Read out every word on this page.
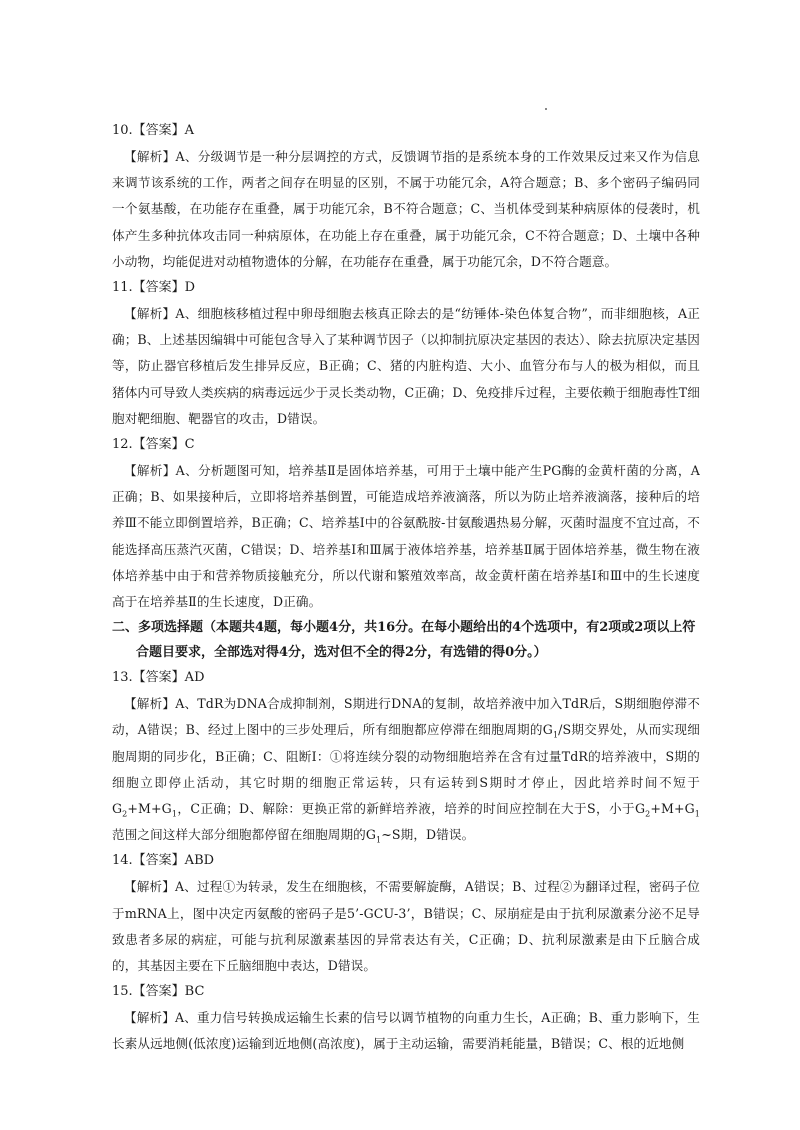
10.【答案】A

【解析】A、分级调节是一种分层调控的方式，反馈调节指的是系统本身的工作效果反过来又作为信息来调节该系统的工作，两者之间存在明显的区别，不属于功能冗余，A符合题意；B、多个密码子编码同一个氨基酸，在功能存在重叠，属于功能冗余，B不符合题意；C、当机体受到某种病原体的侵袭时，机体产生多种抗体攻击同一种病原体，在功能上存在重叠，属于功能冗余，C不符合题意；D、土壤中各种小动物，均能促进对动植物遗体的分解，在功能存在重叠，属于功能冗余，D不符合题意。

11.【答案】D

【解析】A、细胞核移植过程中卵母细胞去核真正除去的是“纺锤体-染色体复合物”，而非细胞核，A正确；B、上述基因编辑中可能包含导入了某种调节因子（以抑制抗原决定基因的表达）、除去抗原决定基因等，防止器官移植后发生排异反应，B正确；C、猪的内脏构造、大小、血管分布与人的极为相似，而且猪体内可导致人类疾病的病毒远远少于灵长类动物，C正确；D、免疫排斥过程，主要依赖于细胞毒性T细胞对靶细胞、靶器官的攻击，D错误。

12.【答案】C

【解析】A、分析题图可知，培养基Ⅱ是固体培养基，可用于土壤中能产生PG酶的金黄杆菌的分离，A正确；B、如果接种后，立即将培养基倒置，可能造成培养液滴落，所以为防止培养液滴落，接种后的培养Ⅲ不能立即倒置培养，B正确；C、培养基Ⅰ中的谷氨酰胺-甘氨酸遇热易分解，灭菌时温度不宜过高，不能选择高压蒸汽灭菌，C错误；D、培养基Ⅰ和Ⅲ属于液体培养基，培养基Ⅱ属于固体培养基，微生物在液体培养基中由于和营养物质接触充分，所以代谢和繁殖效率高，故金黄杆菌在培养基Ⅰ和Ⅲ中的生长速度高于在培养基Ⅱ的生长速度，D正确。

二、多项选择题（本题共4题，每小题4分，共16分。在每小题给出的4个选项中，有2项或2项以上符合题目要求，全部选对得4分，选对但不全的得2分，有选错的得0分。）

13.【答案】AD

【解析】A、TdR为DNA合成抑制剂，S期进行DNA的复制，故培养液中加入TdR后，S期细胞停滞不动，A错误；B、经过上图中的三步处理后，所有细胞都应停滞在细胞周期的$G_1/S$期交界处，从而实现细胞周期的同步化，B正确；C、阻断Ⅰ：①将连续分裂的动物细胞培养在含有过量TdR的培养液中，S期的细胞立即停止活动，其它时期的细胞正常运转，只有运转到S期时才停止，因此培养时间不短于$G_2+M+G_1$，C正确；D、解除：更换正常的新鲜培养液，培养的时间应控制在大于S，小于$G_2+M+G_1$范围之间这样大部分细胞都停留在细胞周期的$G_1\sim S$期，D错误。

14.【答案】ABD

【解析】A、过程①为转录，发生在细胞核，不需要解旋酶，A错误；B、过程②为翻译过程，密码子位于mRNA上，图中决定丙氨酸的密码子是5’-GCU-3’，B错误；C、尿崩症是由于抗利尿激素分泌不足导致患者多尿的病症，可能与抗利尿激素基因的异常表达有关，C正确；D、抗利尿激素是由下丘脑合成的，其基因主要在下丘脑细胞中表达，D错误。

15.【答案】BC

【解析】A、重力信号转换成运输生长素的信号以调节植物的向重力生长，A正确；B、重力影响下，生长素从远地侧(低浓度)运输到近地侧(高浓度)，属于主动运输，需要消耗能量，B错误；C、根的近地侧
